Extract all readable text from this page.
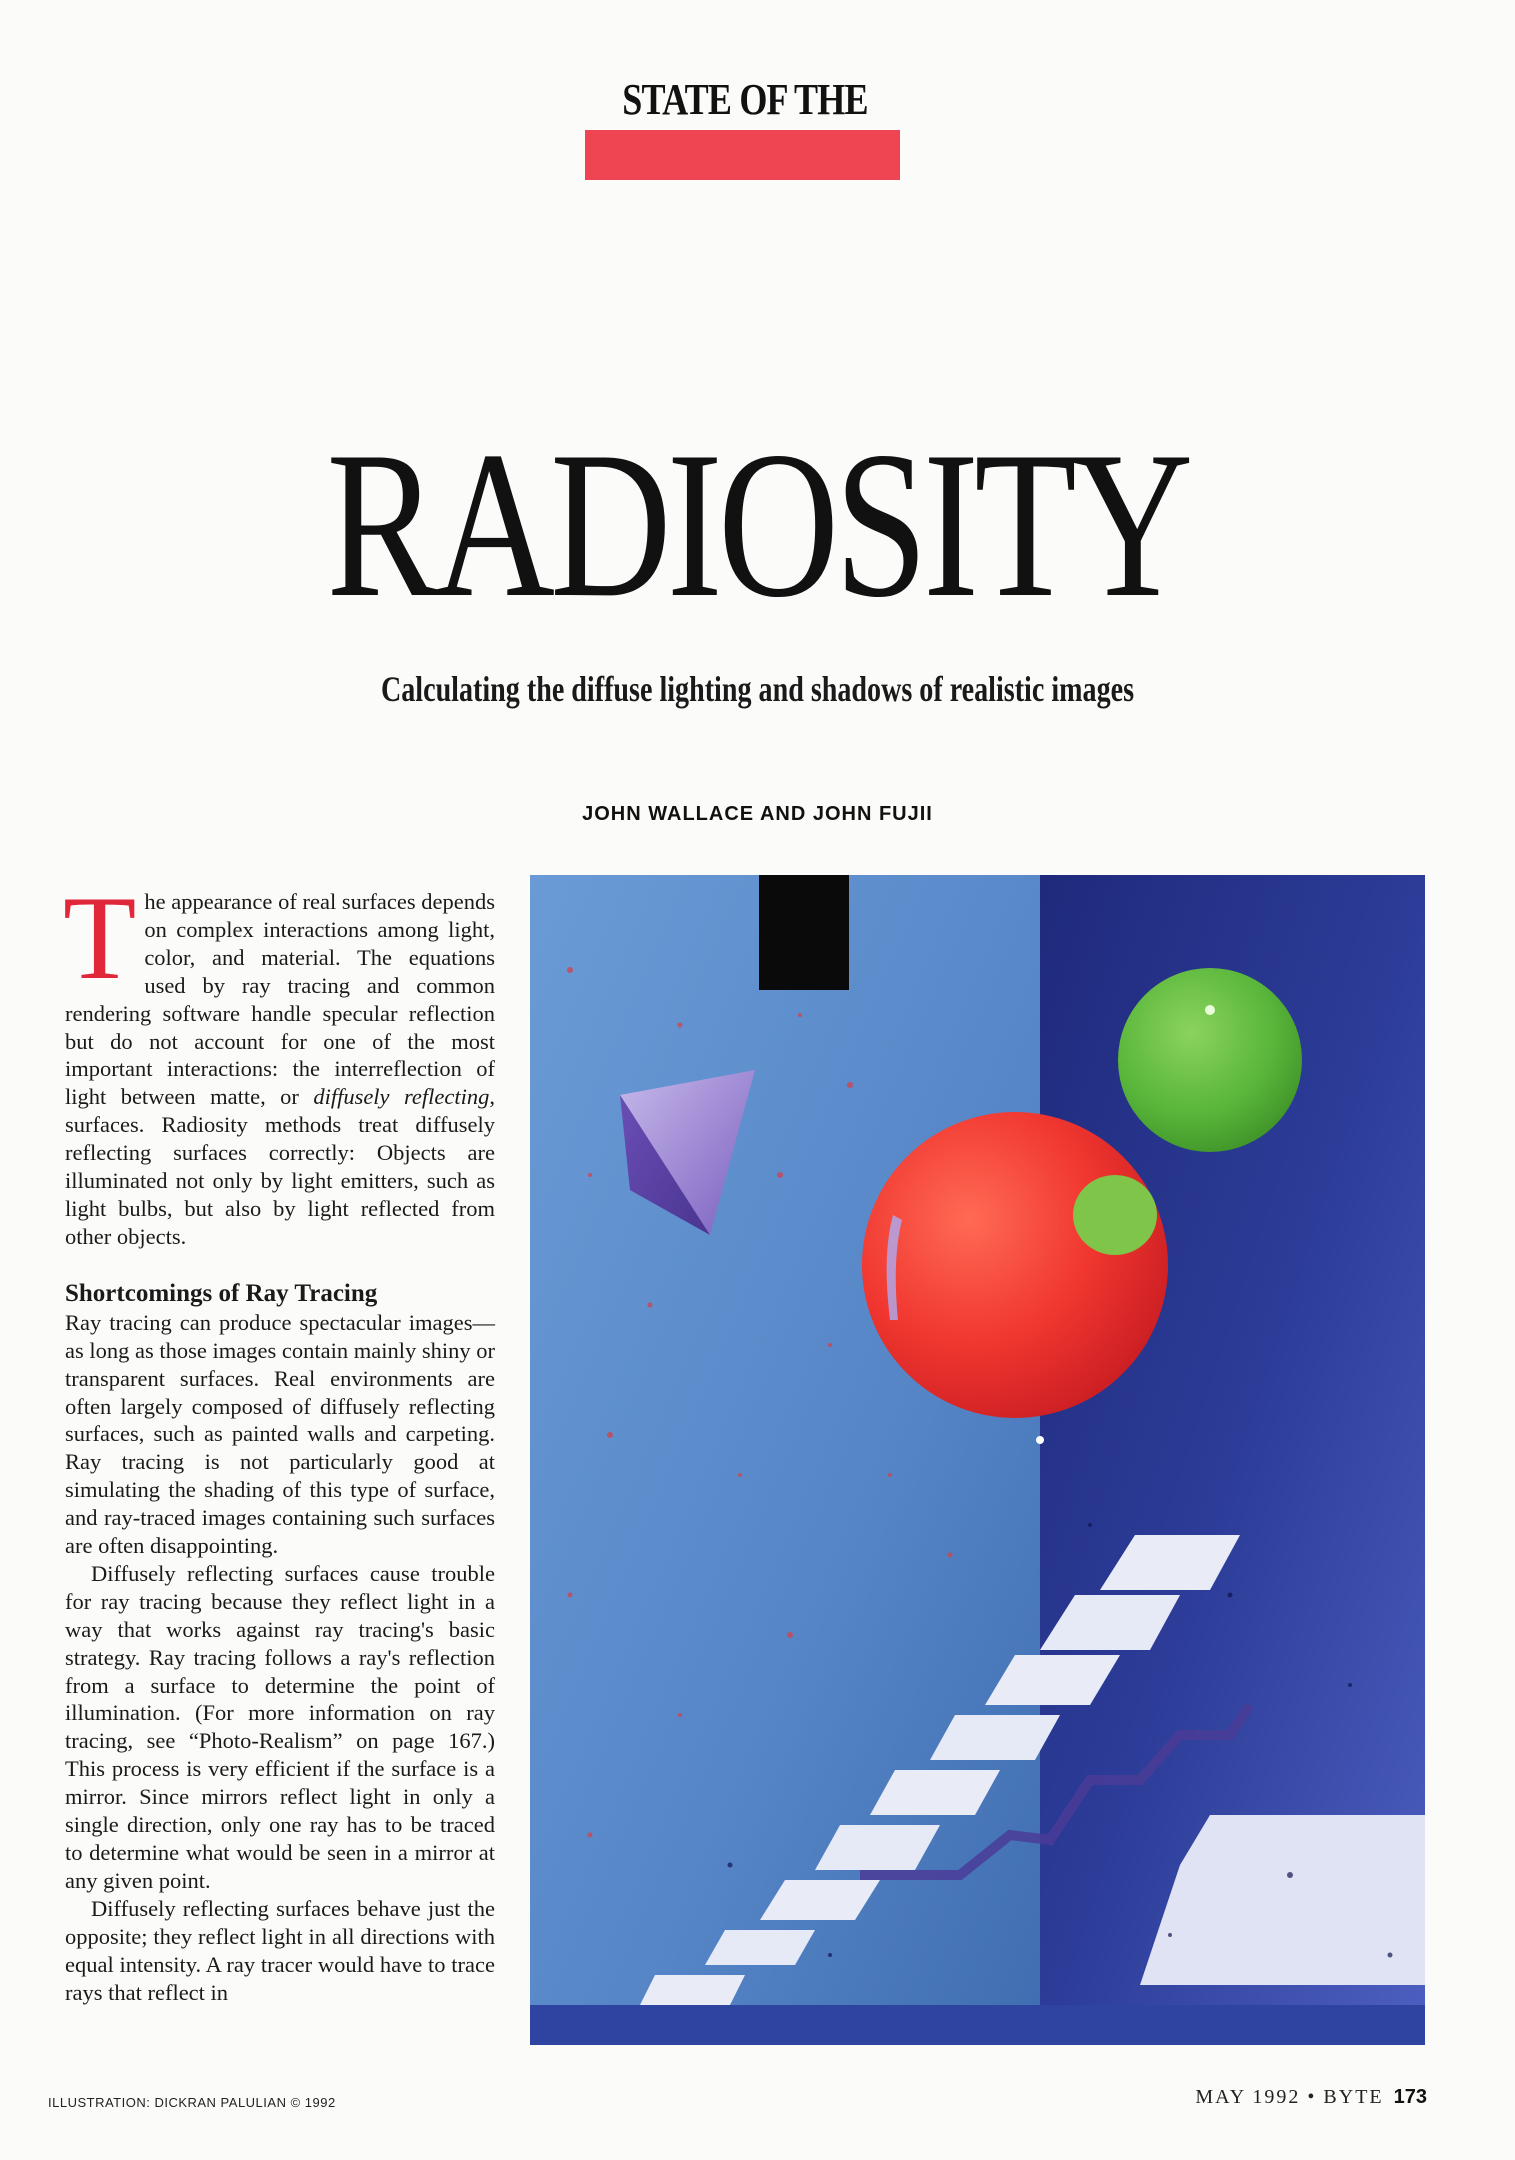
STATE OF THE
RADIOSITY
Calculating the diffuse lighting and shadows of realistic images
JOHN WALLACE AND JOHN FUJII

The appearance of real surfaces depends on complex interactions among light, color, and material. The equations used by ray tracing and common rendering software handle specular reflection but do not account for one of the most important interactions: the interreflection of light between matte, or diffusely reflecting, surfaces. Radiosity methods treat diffusely reflecting surfaces correctly: Objects are illuminated not only by light emitters, such as light bulbs, but also by light reflected from other objects.

Shortcomings of Ray Tracing

Ray tracing can produce spectacular images—as long as those images contain mainly shiny or transparent surfaces. Real environments are often largely composed of diffusely reflecting surfaces, such as painted walls and carpeting. Ray tracing is not particularly good at simulating the shading of this type of surface, and ray-traced images containing such surfaces are often disappointing.

Diffusely reflecting surfaces cause trouble for ray tracing because they reflect light in a way that works against ray tracing's basic strategy. Ray tracing follows a ray's reflection from a surface to determine the point of illumination. (For more information on ray tracing, see “Photo-Realism” on page 167.) This process is very efficient if the surface is a mirror. Since mirrors reflect light in only a single direction, only one ray has to be traced to determine what would be seen in a mirror at any given point.

Diffusely reflecting surfaces behave just the opposite; they reflect light in all directions with equal intensity. A ray tracer would have to trace rays that reflect in

ILLUSTRATION: DICKRAN PALULIAN © 1992	MAY 1992 • BYTE 173
